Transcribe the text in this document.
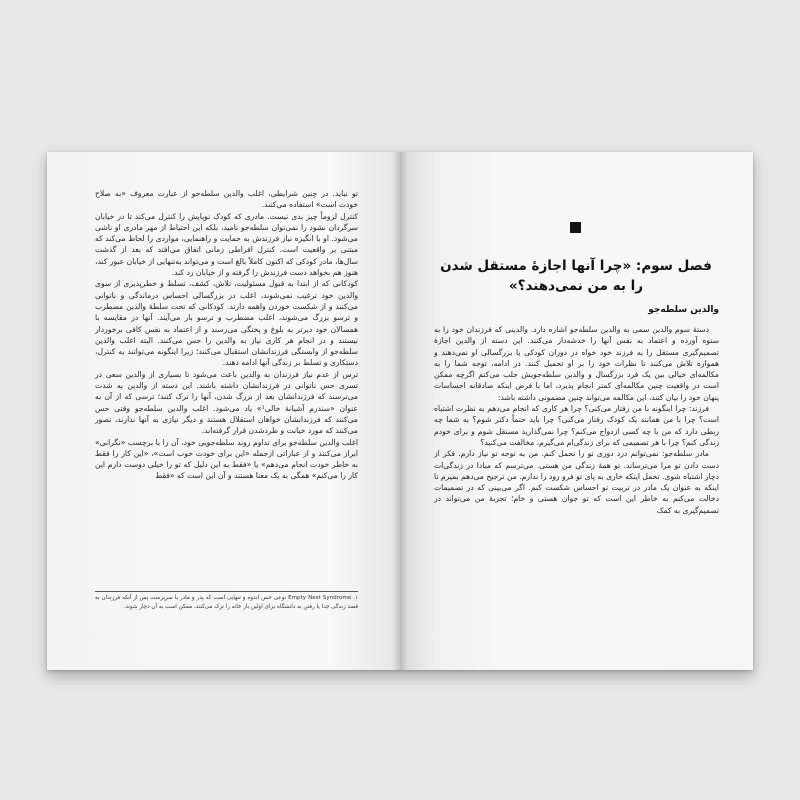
تو نباید. در چنین شرایطی، اغلب والدین سلطه‌جو از عبارت معروف «به صلاح خودت است» استفاده می‌کنند.

کنترل لزوماً چیز بدی نیست. مادری که کودک نوپایش را کنترل می‌کند تا در خیابان سرگردان نشود را نمی‌توان سلطه‌جو نامید، بلکه این احتیاط از مهر مادری او ناشی می‌شود. او با انگیزه نیاز فرزندش به حمایت و راهنمایی، مواردی را لحاظ می‌کند که مبتنی بر واقعیت است. کنترل افراطی زمانی اتفاق می‌افتد که بعد از گذشت سال‌ها، مادر کودکی که اکنون کاملاً بالغ است و می‌تواند به‌تنهایی از خیابان عبور کند، هنوز هم بخواهد دست فرزندش را گرفته و از خیابان رد کند.

کودکانی که از ابتدا به قبول مسئولیت، تلاش، کشف، تسلط و خطرپذیری از سوی والدین خود ترغیب نمی‌شوند، اغلب در بزرگسالی احساس درماندگی و ناتوانی می‌کنند و از شکست خوردن واهمه دارند. کودکانی که تحت سلطهٔ والدین مضطرب و ترسو بزرگ می‌شوند، اغلب مضطرب و ترسو بار می‌آیند. آنها در مقایسه با همسالان خود دیرتر به بلوغ و پختگی می‌رسند و از اعتماد به نفس کافی برخوردار نیستند و در انجام هر کاری نیاز به والدین را حس می‌کنند. البته اغلب والدین سلطه‌جو از وابستگی فرزندانشان استقبال می‌کنند؛ زیرا اینگونه می‌توانند به کنترل، دستکاری و تسلط بر زندگی آنها ادامه دهند.

ترس از عدم نیاز فرزندان به والدین باعث می‌شود تا بسیاری از والدین سعی در تسری حس ناتوانی در فرزندانشان داشته باشند. این دسته از والدین به شدت می‌ترسند که فرزندانشان بعد از بزرگ شدن، آنها را ترک کنند؛ ترسی که از آن به عنوان «سندرم آشیانهٔ خالی¹» یاد می‌شود. اغلب والدین سلطه‌جو وقتی حس می‌کنند که فرزندانشان خواهان استقلال هستند و دیگر نیازی به آنها ندارند، تصور می‌کنند که مورد خیانت و طردشدن قرار گرفته‌اند.

اغلب والدین سلطه‌جو برای تداوم روند سلطه‌جویی خود، آن را با برچسب «نگرانی» ابراز می‌کنند و از عباراتی ازجمله «این برای خودت خوب است»، «این کار را فقط به خاطر خودت انجام می‌دهم» یا «فقط به این دلیل که تو را خیلی دوست دارم این کار را می‌کنم» همگی به یک معنا هستند و آن این است که «فقط

۱. Empty Nest Syndrome نوعی حس اندوه و تنهایی است که پدر و مادر یا سرپرست پس از آنکه فرزندان به قصد زندگی جدا یا رفتن به دانشگاه برای اولین بار خانه را ترک می‌کنند، ممکن است به آن دچار شوند.
فصل سوم: «چرا آنها اجازهٔ مستقل شدن را به من نمی‌دهند؟»
والدین سلطه‌جو

دستهٔ سوم والدین سمی به والدین سلطه‌جو اشاره دارد. والدینی که فرزندان خود را به ستوه آورده و اعتماد به نفس آنها را خدشه‌دار می‌کنند. این دسته از والدین اجازهٔ تصمیم‌گیری مستقل را به فرزند خود خواه در دوران کودکی یا بزرگسالی او نمی‌دهند و همواره تلاش می‌کنند تا نظرات خود را بر او تحمیل کنند. در ادامه، توجه شما را به مکالمه‌ای خیالی بین یک فرد بزرگسال و والدین سلطه‌جویش جلب می‌کنم اگرچه ممکن است در واقعیت چنین مکالمه‌ای کمتر انجام پذیرد، اما با فرض اینکه صادقانه احساسات پنهان خود را بیان کنند، این مکالمه می‌تواند چنین مضمونی داشته باشد:

فرزند: چرا اینگونه با من رفتار می‌کنی؟ چرا هر کاری که انجام می‌دهم به نظرت اشتباه است؟ چرا با من همانند یک کودک رفتار می‌کنی؟ چرا باید حتماً دکتر شوم؟ به شما چه ربطی دارد که من با چه کسی ازدواج می‌کنم؟ چرا نمی‌گذارید مستقل شوم و برای خودم زندگی کنم؟ چرا با هر تصمیمی که برای زندگی‌ام می‌گیرم، مخالفت می‌کنید؟

مادر سلطه‌جو: نمی‌توانم درد دوری تو را تحمل کنم. من به توجه تو نیاز دارم. فکر از دست دادن تو مرا می‌ترساند. تو همهٔ زندگی من هستی. می‌ترسم که مبادا در زندگی‌ات دچار اشتباه شوی. تحمل اینکه خاری به پای تو فرو رود را ندارم. من ترجیح می‌دهم بمیرم تا اینکه به عنوان یک مادر در تربیت تو احساس شکست کنم. اگر می‌بینی که در تصمیمات دخالت می‌کنم به خاطر این است که تو جوان هستی و خام؛ تجربهٔ من می‌تواند در تصمیم‌گیری به کمک
